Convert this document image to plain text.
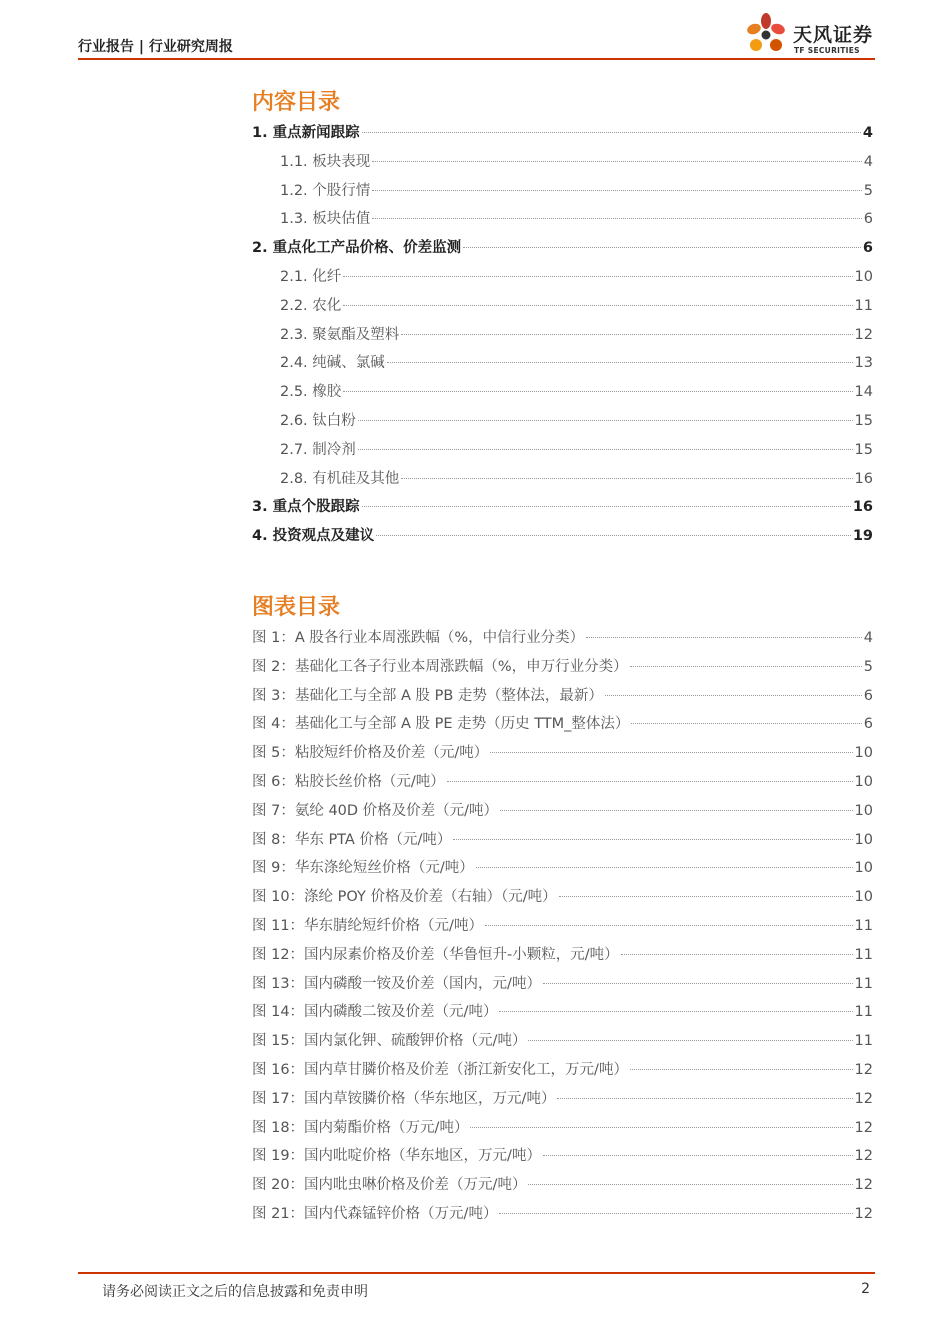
行业报告 | 行业研究周报
天风证券
TF SECURITIES
内容目录
1. 重点新闻跟踪	4
1.1. 板块表现	4
1.2. 个股行情	5
1.3. 板块估值	6
2. 重点化工产品价格、价差监测	6
2.1. 化纤	10
2.2. 农化	11
2.3. 聚氨酯及塑料	12
2.4. 纯碱、氯碱	13
2.5. 橡胶	14
2.6. 钛白粉	15
2.7. 制冷剂	15
2.8. 有机硅及其他	16
3. 重点个股跟踪	16
4. 投资观点及建议	19
图表目录
图 1：A 股各行业本周涨跌幅（%，中信行业分类）	4
图 2：基础化工各子行业本周涨跌幅（%，申万行业分类）	5
图 3：基础化工与全部 A 股 PB 走势（整体法，最新）	6
图 4：基础化工与全部 A 股 PE 走势（历史 TTM_整体法）	6
图 5：粘胶短纤价格及价差（元/吨）	10
图 6：粘胶长丝价格（元/吨）	10
图 7：氨纶 40D 价格及价差（元/吨）	10
图 8：华东 PTA 价格（元/吨）	10
图 9：华东涤纶短丝价格（元/吨）	10
图 10：涤纶 POY 价格及价差（右轴）（元/吨）	10
图 11：华东腈纶短纤价格（元/吨）	11
图 12：国内尿素价格及价差（华鲁恒升-小颗粒，元/吨）	11
图 13：国内磷酸一铵及价差（国内，元/吨）	11
图 14：国内磷酸二铵及价差（元/吨）	11
图 15：国内氯化钾、硫酸钾价格（元/吨）	11
图 16：国内草甘膦价格及价差（浙江新安化工，万元/吨）	12
图 17：国内草铵膦价格（华东地区，万元/吨）	12
图 18：国内菊酯价格（万元/吨）	12
图 19：国内吡啶价格（华东地区，万元/吨）	12
图 20：国内吡虫啉价格及价差（万元/吨）	12
图 21：国内代森锰锌价格（万元/吨）	12
请务必阅读正文之后的信息披露和免责申明	2
